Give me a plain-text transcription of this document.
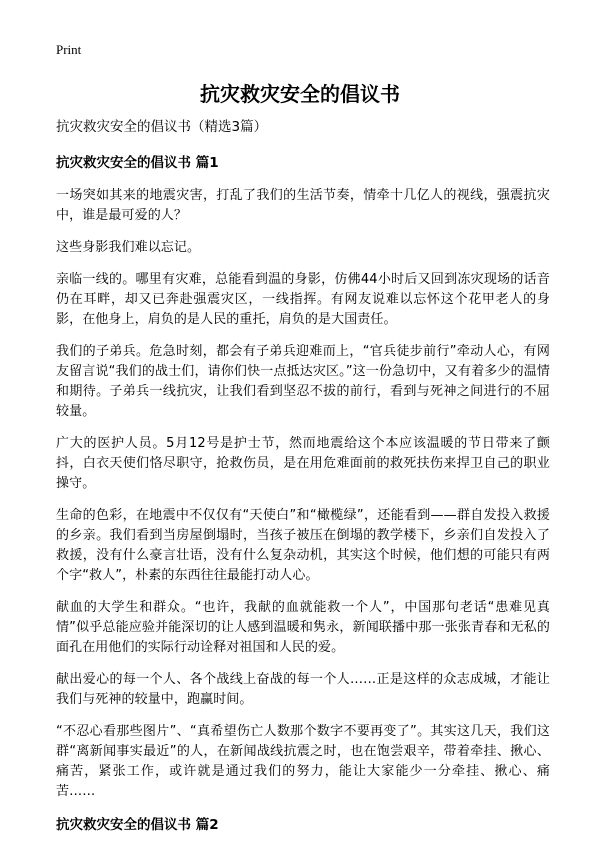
Print
抗灾救灾安全的倡议书

抗灾救灾安全的倡议书（精选3篇）

抗灾救灾安全的倡议书 篇1

一场突如其来的地震灾害，打乱了我们的生活节奏，情牵十几亿人的视线，强震抗灾中，谁是最可爱的人？

这些身影我们难以忘记。

亲临一线的。哪里有灾难，总能看到温的身影，仿佛44小时后又回到冻灾现场的话音仍在耳畔，却又已奔赴强震灾区，一线指挥。有网友说难以忘怀这个花甲老人的身影，在他身上，肩负的是人民的重托，肩负的是大国责任。

我们的子弟兵。危急时刻，都会有子弟兵迎难而上，“官兵徒步前行”牵动人心，有网友留言说“我们的战士们，请你们快一点抵达灾区。”这一份急切中，又有着多少的温情和期待。子弟兵一线抗灾，让我们看到坚忍不拔的前行，看到与死神之间进行的不屈较量。

广大的医护人员。5月12号是护士节，然而地震给这个本应该温暖的节日带来了颤抖，白衣天使们恪尽职守，抢救伤员，是在用危难面前的救死扶伤来捍卫自己的职业操守。

生命的色彩，在地震中不仅仅有“天使白”和“橄榄绿”，还能看到——群自发投入救援的乡亲。我们看到当房屋倒塌时，当孩子被压在倒塌的教学楼下，乡亲们自发投入了救援，没有什么豪言壮语，没有什么复杂动机，其实这个时候，他们想的可能只有两个字“救人”，朴素的东西往往最能打动人心。

献血的大学生和群众。“也许，我献的血就能救一个人”，中国那句老话“患难见真情”似乎总能应验并能深切的让人感到温暖和隽永，新闻联播中那一张张青春和无私的面孔在用他们的实际行动诠释对祖国和人民的爱。

献出爱心的每一个人、各个战线上奋战的每一个人……正是这样的众志成城，才能让我们与死神的较量中，跑赢时间。

“不忍心看那些图片”、“真希望伤亡人数那个数字不要再变了”。其实这几天，我们这群“离新闻事实最近”的人，在新闻战线抗震之时，也在饱尝艰辛，带着牵挂、揪心、痛苦，紧张工作，或许就是通过我们的努力，能让大家能少一分牵挂、揪心、痛苦……

抗灾救灾安全的倡议书 篇2
